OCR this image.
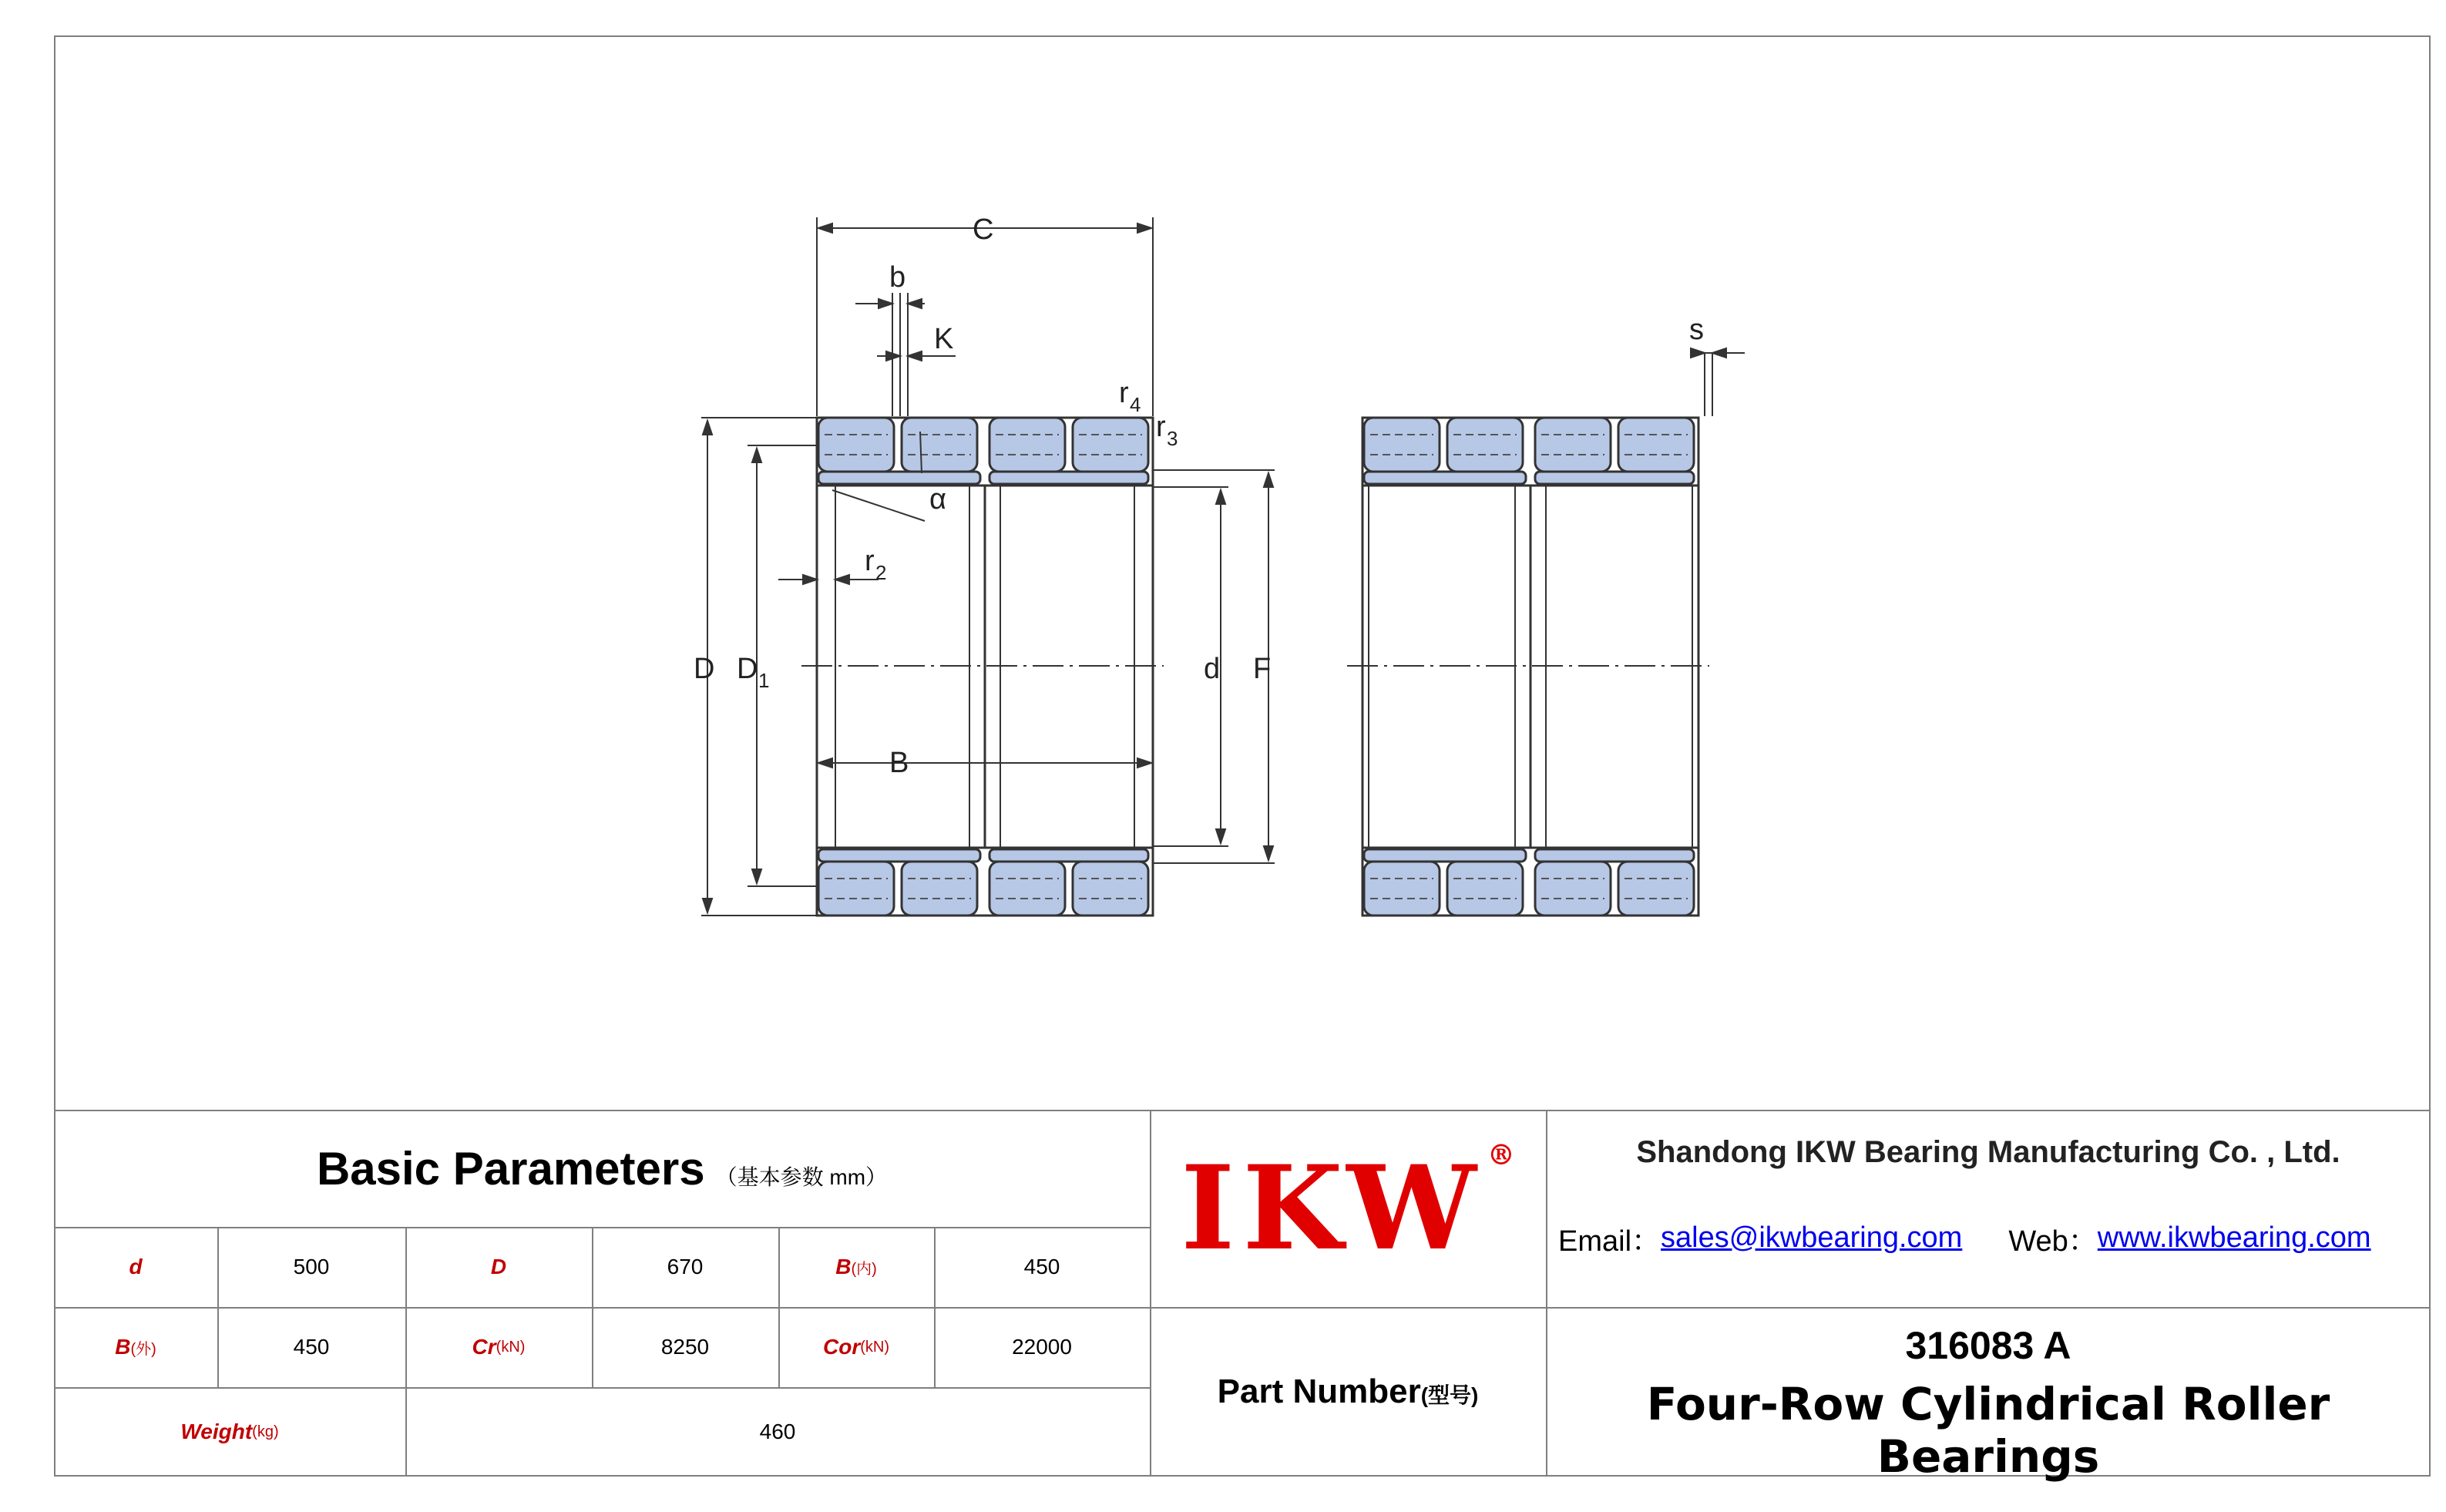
C
b
K
r 4
r 3
α
r 2
D D 1	d F
B
s
Basic Parameters （基本参数 mm）
d	500	D	670	B (内)	450
B (外)	450	Cr (kN)	8250	Cor (kN)	22000
Weight (kg)	460
IKW ®
Part Number(型号)
Shandong IKW Bearing Manufacturing Co. , Ltd.
Email： sales@ikwbearing.com Web： www.ikwbearing.com
316083 A
Four-Row Cylindrical Roller Bearings
